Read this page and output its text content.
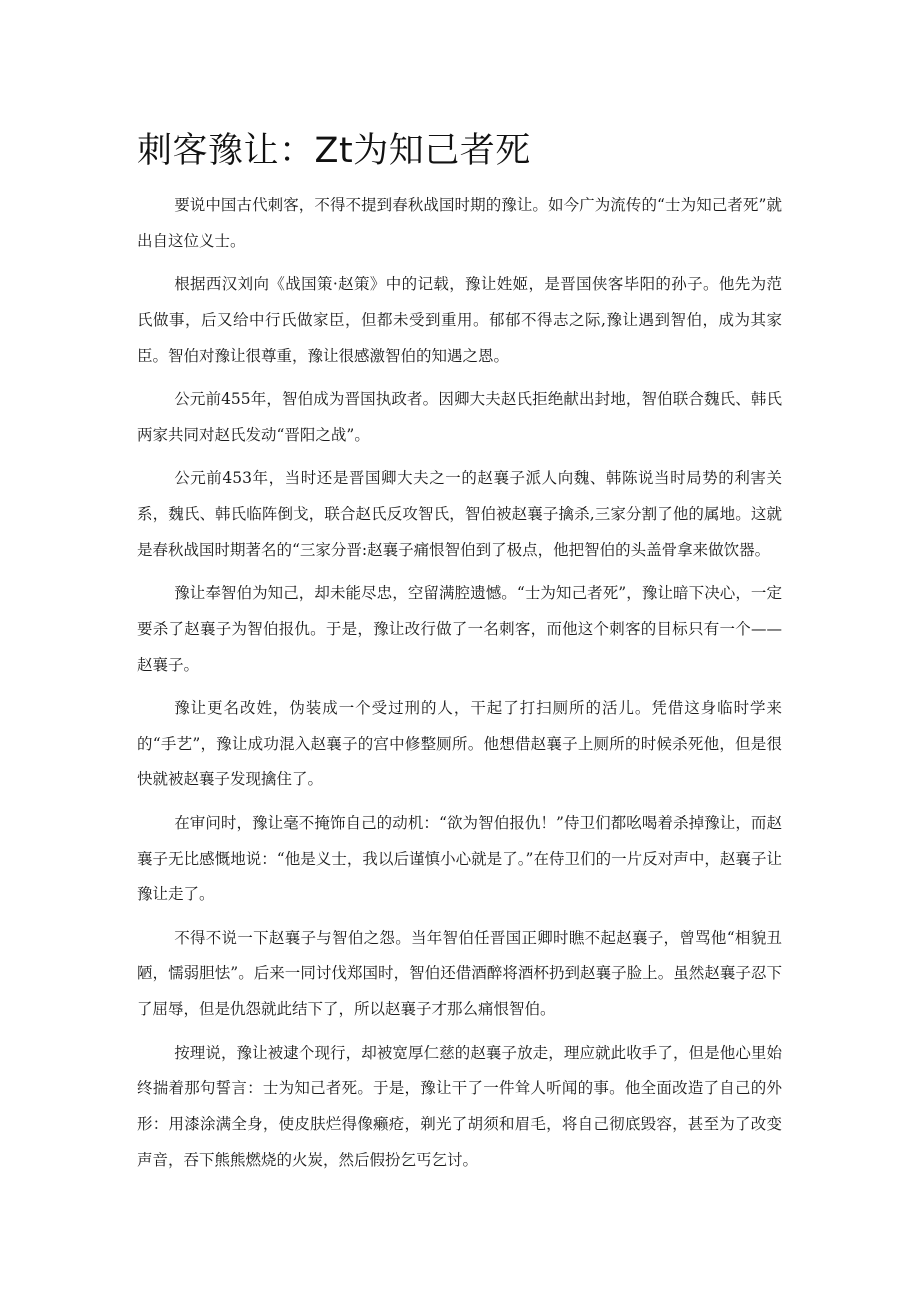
刺客豫让：Zt为知己者死

要说中国古代刺客，不得不提到春秋战国时期的豫让。如今广为流传的“士为知己者死”就出自这位义士。

根据西汉刘向《战国策·赵策》中的记载，豫让姓姬，是晋国侠客毕阳的孙子。他先为范氏做事，后又给中行氏做家臣，但都未受到重用。郁郁不得志之际,豫让遇到智伯，成为其家臣。智伯对豫让很尊重，豫让很感激智伯的知遇之恩。

公元前455年，智伯成为晋国执政者。因卿大夫赵氏拒绝献出封地，智伯联合魏氏、韩氏两家共同对赵氏发动“晋阳之战”。

公元前453年，当时还是晋国卿大夫之一的赵襄子派人向魏、韩陈说当时局势的利害关系，魏氏、韩氏临阵倒戈，联合赵氏反攻智氏，智伯被赵襄子擒杀,三家分割了他的属地。这就是春秋战国时期著名的“三家分晋:赵襄子痛恨智伯到了极点，他把智伯的头盖骨拿来做饮器。

豫让奉智伯为知己，却未能尽忠，空留满腔遗憾。“士为知己者死”，豫让暗下决心，一定要杀了赵襄子为智伯报仇。于是，豫让改行做了一名刺客，而他这个刺客的目标只有一个——赵襄子。

豫让更名改姓，伪装成一个受过刑的人，干起了打扫厕所的活儿。凭借这身临时学来的“手艺”，豫让成功混入赵襄子的宫中修整厕所。他想借赵襄子上厕所的时候杀死他，但是很快就被赵襄子发现擒住了。

在审问时，豫让毫不掩饰自己的动机：“欲为智伯报仇！”侍卫们都吆喝着杀掉豫让，而赵襄子无比感慨地说：“他是义士，我以后谨慎小心就是了。”在侍卫们的一片反对声中，赵襄子让豫让走了。

不得不说一下赵襄子与智伯之怨。当年智伯任晋国正卿时瞧不起赵襄子，曾骂他“相貌丑陋，懦弱胆怯”。后来一同讨伐郑国时，智伯还借酒醉将酒杯扔到赵襄子脸上。虽然赵襄子忍下了屈辱，但是仇怨就此结下了，所以赵襄子才那么痛恨智伯。

按理说，豫让被逮个现行，却被宽厚仁慈的赵襄子放走，理应就此收手了，但是他心里始终揣着那句誓言：士为知己者死。于是，豫让干了一件耸人听闻的事。他全面改造了自己的外形：用漆涂满全身，使皮肤烂得像癞疮，剃光了胡须和眉毛，将自己彻底毁容，甚至为了改变声音，吞下熊熊燃烧的火炭，然后假扮乞丐乞讨。
